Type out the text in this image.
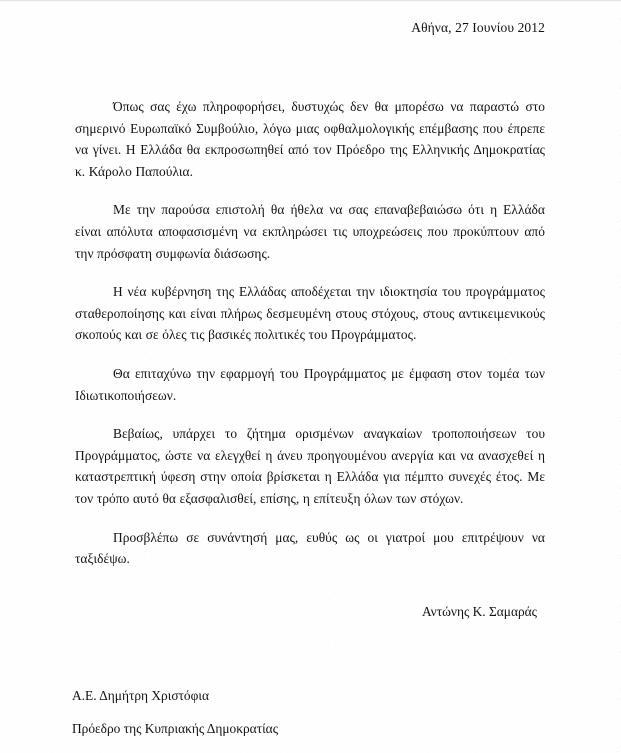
Αθήνα, 27 Ιουνίου 2012

Όπως σας έχω πληροφορήσει, δυστυχώς δεν θα μπορέσω να παραστώ στο σημερινό Ευρωπαϊκό Συμβούλιο, λόγω μιας οφθαλμολογικής επέμβασης που έπρεπε να γίνει. Η Ελλάδα θα εκπροσωπηθεί από τον Πρόεδρο της Ελληνικής Δημοκρατίας κ. Κάρολο Παπούλια.

Με την παρούσα επιστολή θα ήθελα να σας επαναβεβαιώσω ότι η Ελλάδα είναι απόλυτα αποφασισμένη να εκπληρώσει τις υποχρεώσεις που προκύπτουν από την πρόσφατη συμφωνία διάσωσης.

Η νέα κυβέρνηση της Ελλάδας αποδέχεται την ιδιοκτησία του προγράμματος σταθεροποίησης και είναι πλήρως δεσμευμένη στους στόχους, στους αντικειμενικούς σκοπούς και σε όλες τις βασικές πολιτικές του Προγράμματος.

Θα επιταχύνω την εφαρμογή του Προγράμματος με έμφαση στον τομέα των Ιδιωτικοποιήσεων.

Βεβαίως, υπάρχει το ζήτημα ορισμένων αναγκαίων τροποποιήσεων του Προγράμματος, ώστε να ελεγχθεί η άνευ προηγουμένου ανεργία και να ανασχεθεί η καταστρεπτική ύφεση στην οποία βρίσκεται η Ελλάδα για πέμπτο συνεχές έτος. Με τον τρόπο αυτό θα εξασφαλισθεί, επίσης, η επίτευξη όλων των στόχων.

Προσβλέπω σε συνάντησή μας, ευθύς ως οι γιατροί μου επιτρέψουν να ταξιδέψω.

Αντώνης Κ. Σαμαράς

Α.Ε. Δημήτρη Χριστόφια

Πρόεδρο της Κυπριακής Δημοκρατίας
